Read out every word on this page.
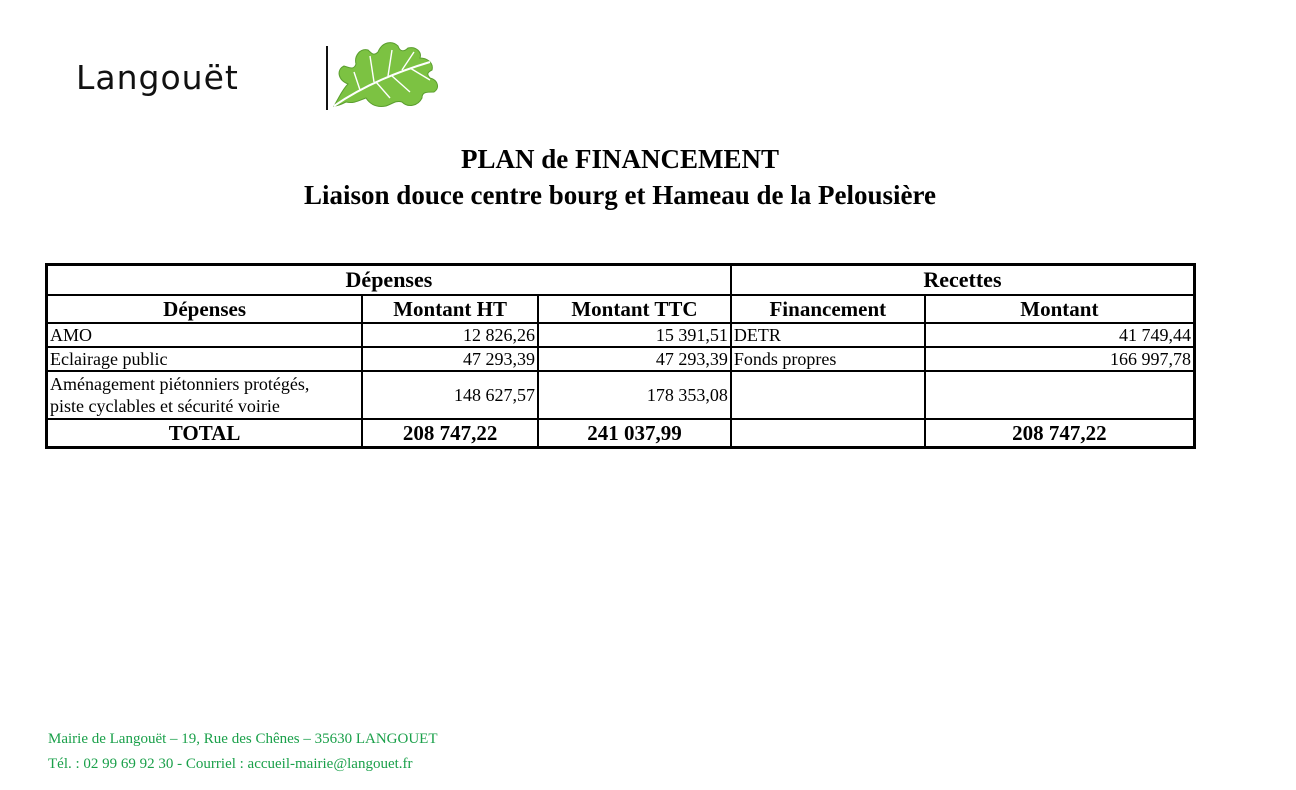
Langouët
PLAN de FINANCEMENT
Liaison douce centre bourg et Hameau de la Pelousière
Dépenses			Recettes	
Dépenses	Montant HT	Montant TTC	Financement	Montant
AMO	12 826,26	15 391,51	DETR	41 749,44
Eclairage public	47 293,39	47 293,39	Fonds propres	166 997,78

Aménagement piétonniers protégés,
piste cyclables et sécurité voirie	148 627,57	178 353,08		
TOTAL	208 747,22	241 037,99		208 747,22
Mairie de Langouët – 19, Rue des Chênes – 35630 LANGOUET
Tél. : 02 99 69 92 30 - Courriel : accueil-mairie@langouet.fr
